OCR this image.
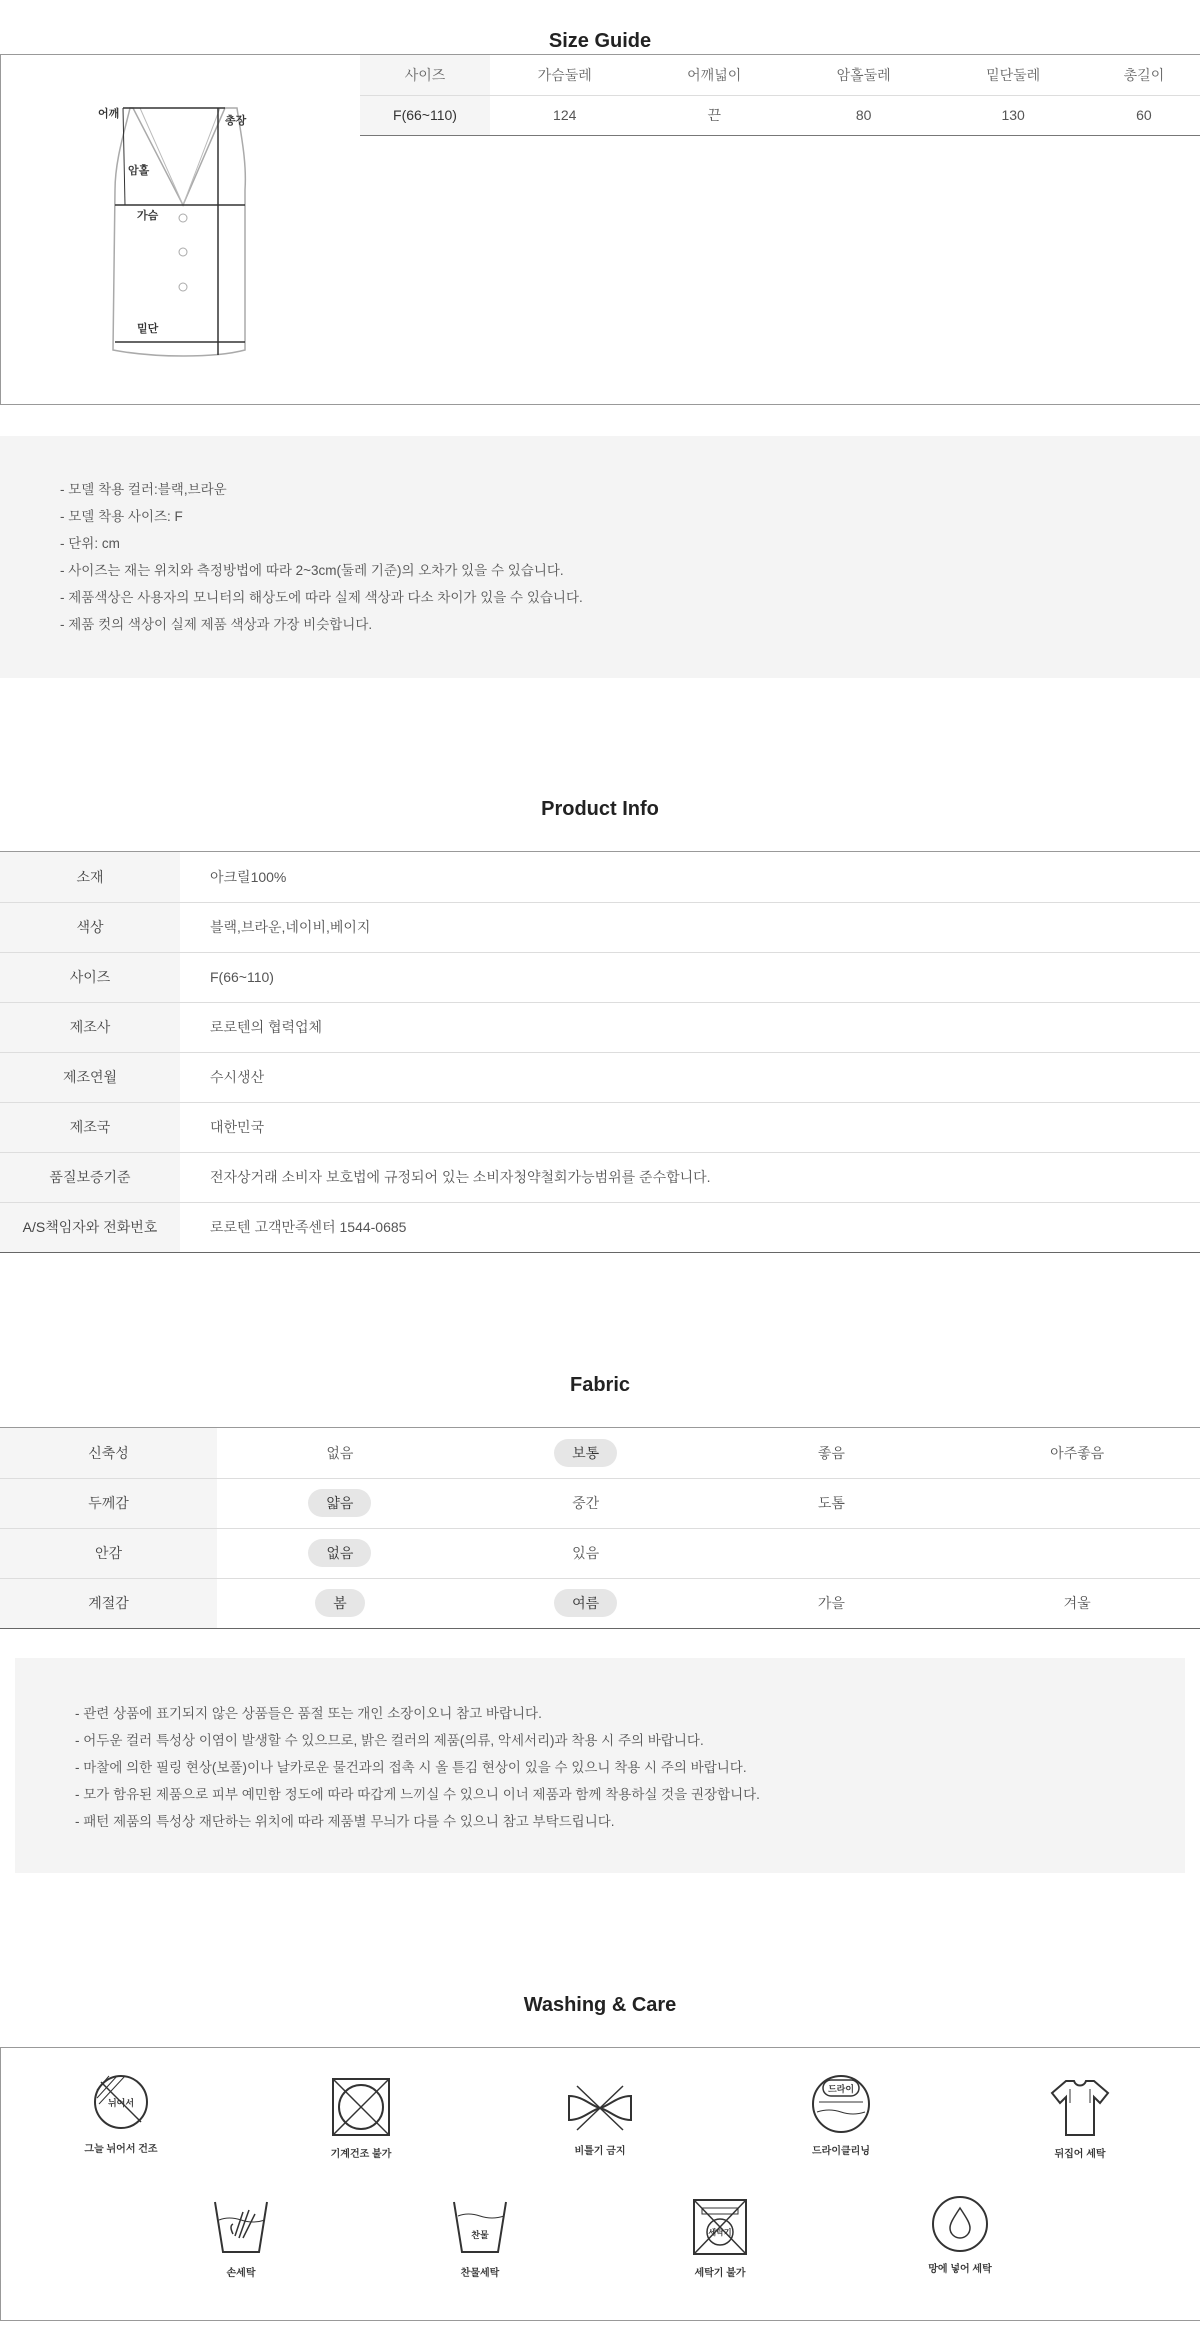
Size Guide
어깨
총장
암홀
가슴
밑단
사이즈	가슴둘레	어깨넓이	암홀둘레	밑단둘레	총길이
F(66~110)	124	끈	80	130	60
- 모델 착용 컬러:블랙,브라운
- 모델 착용 사이즈: F
- 단위: cm
- 사이즈는 재는 위치와 측정방법에 따라 2~3cm(둘레 기준)의 오차가 있을 수 있습니다.
- 제품색상은 사용자의 모니터의 해상도에 따라 실제 색상과 다소 차이가 있을 수 있습니다.
- 제품 컷의 색상이 실제 제품 색상과 가장 비슷합니다.
Product Info
소재	아크릴100%
색상	블랙,브라운,네이비,베이지
사이즈	F(66~110)
제조사	로로텐의 협력업체
제조연월	수시생산
제조국	대한민국
품질보증기준	전자상거래 소비자 보호법에 규정되어 있는 소비자청약철회가능범위를 준수합니다.
A/S책임자와 전화번호	로로텐 고객만족센터 1544-0685
Fabric
신축성	없음	보통	좋음	아주좋음
두께감	얇음	중간	도톰	
안감	없음	있음		
계절감	봄	여름	가을	겨울
- 관련 상품에 표기되지 않은 상품들은 품절 또는 개인 소장이오니 참고 바랍니다.
- 어두운 컬러 특성상 이염이 발생할 수 있으므로, 밝은 컬러의 제품(의류, 악세서리)과 착용 시 주의 바랍니다.
- 마찰에 의한 필링 현상(보풀)이나 날카로운 물건과의 접촉 시 올 튿김 현상이 있을 수 있으니 착용 시 주의 바랍니다.
- 모가 함유된 제품으로 피부 예민함 정도에 따라 따갑게 느끼실 수 있으니 이너 제품과 함께 착용하실 것을 권장합니다.
- 패턴 제품의 특성상 재단하는 위치에 따라 제품별 무늬가 다를 수 있으니 참고 부탁드립니다.
Washing & Care
뉘어서
그늘 뉘어서 건조	기계건조 불가	비틀기 금지
드라이
드라이클리닝	뒤집어 세탁
손세탁
찬물
찬물세탁
세탁기
세탁기 불가	망에 넣어 세탁
